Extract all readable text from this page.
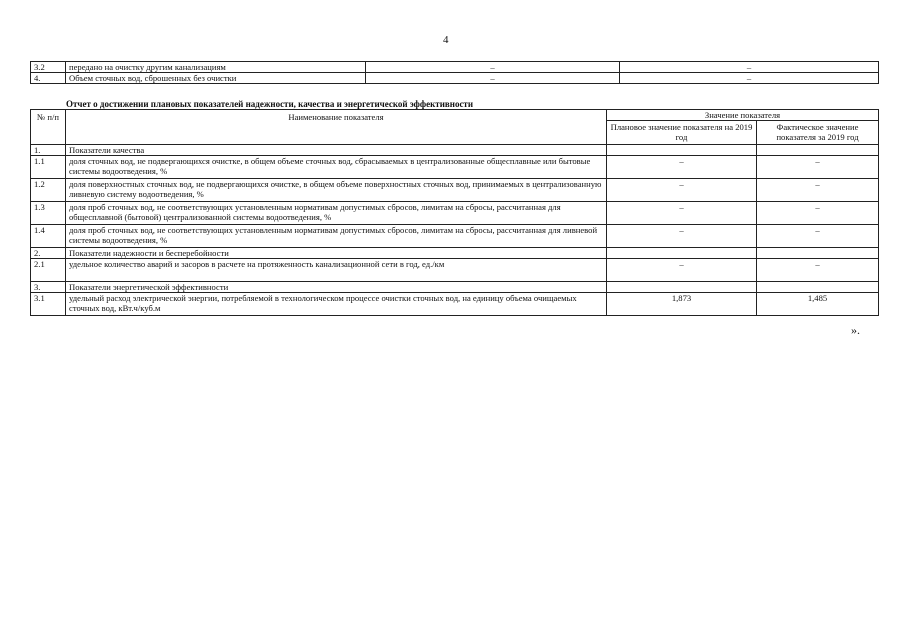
4
3.2	передано на очистку другим канализациям	–	–
4.	Объем сточных вод, сброшенных без очистки	–	–
Отчет о достижении плановых показателей надежности, качества и энергетической эффективности
№ п/п	Наименование показателя	Значение показателя	
		Плановое значение показателя на 2019 год	Фактическое значение показателя за 2019 год
1.	Показатели качества		
1.1	доля сточных вод, не подвергающихся очистке, в общем объеме сточных вод, сбрасываемых в централизованные общесплавные или бытовые системы водоотведения, %	–	–
1.2	доля поверхностных сточных вод, не подвергающихся очистке, в общем объеме поверхностных сточных вод, принимаемых в централизованную ливневую систему водоотведения, %	–	–
1.3	доля проб сточных вод, не соответствующих установленным нормативам допустимых сбросов, лимитам на сбросы, рассчитанная для общесплавной (бытовой) централизованной системы водоотведения, %	–	–
1.4	доля проб сточных вод, не соответствующих установленным нормативам допустимых сбросов, лимитам на сбросы, рассчитанная для ливневой системы водоотведения, %	–	–
2.	Показатели надежности и бесперебойности		
2.1	удельное количество аварий и засоров в расчете на протяженность канализационной сети в год, ед./км	–	–
3.	Показатели энергетической эффективности		
3.1	удельный расход электрической энергии, потребляемой в технологическом процессе очистки сточных вод, на единицу объема очищаемых сточных вод, кВт.ч/куб.м	1,873	1,485
».
